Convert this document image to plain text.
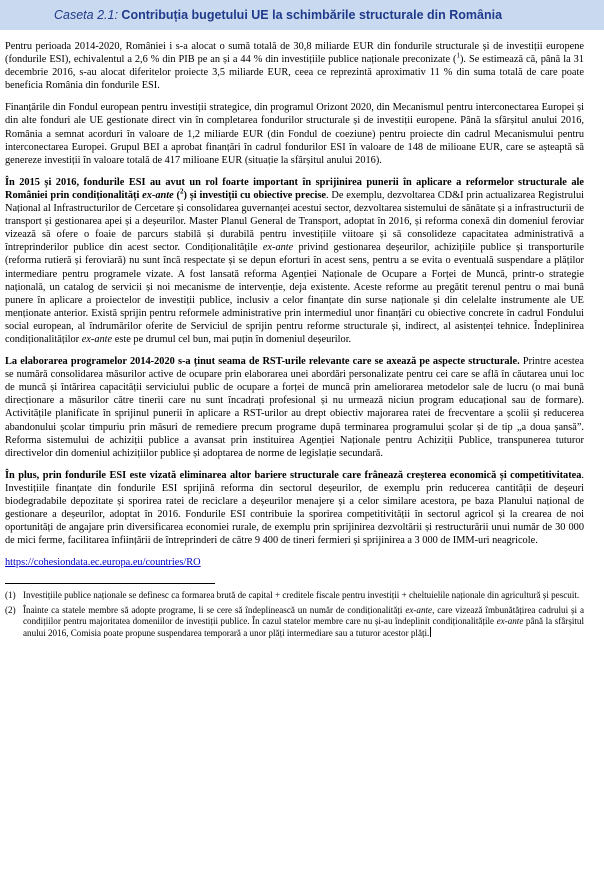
Caseta 2.1: Contribuția bugetului UE la schimbările structurale din România

Pentru perioada 2014-2020, României i s-a alocat o sumă totală de 30,8 miliarde EUR din fondurile structurale și de investiții europene (fondurile ESI), echivalentul a 2,6 % din PIB pe an și a 44 % din investițiile publice naționale preconizate ($^1$). Se estimează că, până la 31 decembrie 2016, s-au alocat diferitelor proiecte 3,5 miliarde EUR, ceea ce reprezintă aproximativ 11 % din suma totală de care poate beneficia România din fondurile ESI.

Finanțările din Fondul european pentru investiții strategice, din programul Orizont 2020, din Mecanismul pentru interconectarea Europei și din alte fonduri ale UE gestionate direct vin în completarea fondurilor structurale și de investiții europene. Până la sfârșitul anului 2016, România a semnat acorduri în valoare de 1,2 miliarde EUR (din Fondul de coeziune) pentru proiecte din cadrul Mecanismului pentru interconectarea Europei. Grupul BEI a aprobat finanțări în cadrul fondurilor ESI în valoare de 148 de milioane EUR, care se așteaptă să genereze investiții în valoare totală de 417 milioane EUR (situație la sfârșitul anului 2016).

În 2015 și 2016, fondurile ESI au avut un rol foarte important în sprijinirea punerii în aplicare a reformelor structurale ale României prin condiționalități ex-ante ($^2$) și investiții cu obiective precise. De exemplu, dezvoltarea CD&I prin actualizarea Registrului Național al Infrastructurilor de Cercetare și consolidarea guvernanței acestui sector, dezvoltarea sistemului de sănătate și a infrastructurii de transport și gestionarea apei și a deșeurilor. Master Planul General de Transport, adoptat în 2016, și reforma conexă din domeniul feroviar vizează să ofere o foaie de parcurs stabilă și durabilă pentru investițiile viitoare și să consolideze capacitatea administrativă a întreprinderilor publice din acest sector. Condiționalitățile ex-ante privind gestionarea deșeurilor, achizițiile publice și transporturile (reforma rutieră și feroviară) nu sunt încă respectate și se depun eforturi în acest sens, pentru a se evita o eventuală suspendare a plăților intermediare pentru programele vizate. A fost lansată reforma Agenției Naționale de Ocupare a Forței de Muncă, printr-o strategie națională, un catalog de servicii și noi mecanisme de intervenție, deja existente. Aceste reforme au pregătit terenul pentru o mai bună punere în aplicare a proiectelor de investiții publice, inclusiv a celor finanțate din surse naționale și din celelalte instrumente ale UE menționate anterior. Există sprijin pentru reformele administrative prin intermediul unor finanțări cu obiective concrete în cadrul Fondului social european, al îndrumărilor oferite de Serviciul de sprijin pentru reforme structurale și, indirect, al asistenței tehnice. Îndeplinirea condiționalităților ex-ante este pe drumul cel bun, mai puțin în domeniul deșeurilor.

La elaborarea programelor 2014-2020 s-a ținut seama de RST-urile relevante care se axează pe aspecte structurale. Printre acestea se numără consolidarea măsurilor active de ocupare prin elaborarea unei abordări personalizate pentru cei care se află în căutarea unui loc de muncă și întărirea capacității serviciului public de ocupare a forței de muncă prin ameliorarea metodelor sale de lucru (o mai bună direcționare a măsurilor către tinerii care nu sunt încadrați profesional și nu urmează niciun program educațional sau de formare). Activitățile planificate în sprijinul punerii în aplicare a RST-urilor au drept obiectiv majorarea ratei de frecventare a școlii și reducerea abandonului școlar timpuriu prin măsuri de remediere precum programe după terminarea programului școlar și de tip „a doua șansă”. Reforma sistemului de achiziții publice a avansat prin instituirea Agenției Naționale pentru Achiziții Publice, transpunerea tuturor directivelor din domeniul achizițiilor publice și adoptarea de norme de legislație secundară.

În plus, prin fondurile ESI este vizată eliminarea altor bariere structurale care frânează creșterea economică și competitivitatea. Investițiile finanțate din fondurile ESI sprijină reforma din sectorul deșeurilor, de exemplu prin reducerea cantității de deșeuri biodegradabile depozitate și sporirea ratei de reciclare a deșeurilor menajere și a celor similare acestora, pe baza Planului național de gestionare a deșeurilor, adoptat în 2016. Fondurile ESI contribuie la sporirea competitivității în sectorul agricol și la crearea de noi oportunități de angajare prin diversificarea economiei rurale, de exemplu prin sprijinirea dezvoltării și restructurării unui număr de 30 000 de mici ferme, facilitarea înființării de întreprinderi de către 9 400 de tineri fermieri și sprijinirea a 3 000 de IMM-uri neagricole.

https://cohesiondata.ec.europa.eu/countries/RO

(1) Investițiile publice naționale se definesc ca formarea brută de capital + creditele fiscale pentru investiții + cheltuielile naționale din agricultură și pescuit.
(2) Înainte ca statele membre să adopte programe, li se cere să îndeplinească un număr de condiționalități ex-ante, care vizează îmbunătățirea cadrului și a condițiilor pentru majoritatea domeniilor de investiții publice. În cazul statelor membre care nu și-au îndeplinit condiționalitățile ex-ante până la sfârșitul anului 2016, Comisia poate propune suspendarea temporară a unor plăți intermediare sau a tuturor acestor plăți.
